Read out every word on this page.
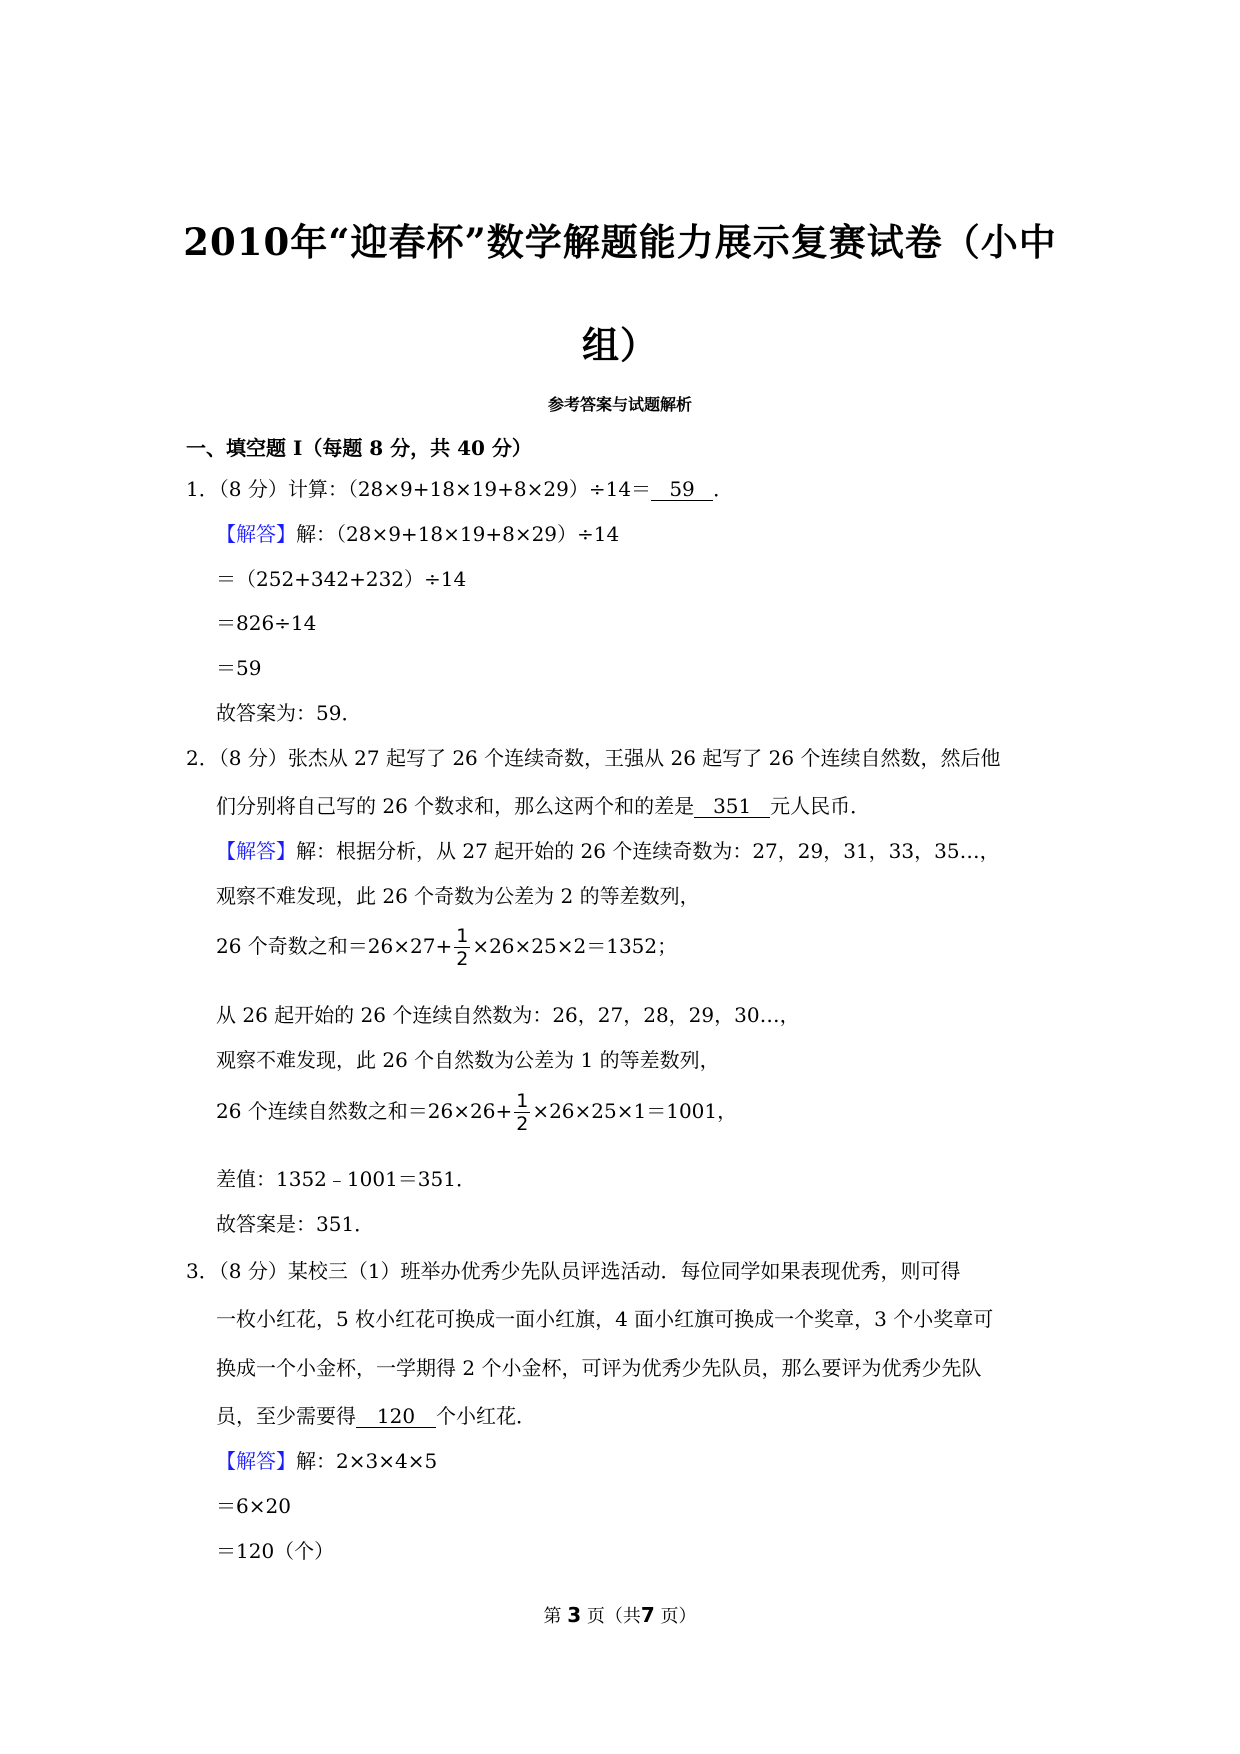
2010年“迎春杯”数学解题能力展示复赛试卷（小中
组）
参考答案与试题解析
一、填空题 I（每题 8 分，共 40 分）
1．（8 分）计算：（28×9+18×19+8×29）÷14＝ 59 ．
【解答】解：（28×9+18×19+8×29）÷14
＝（252+342+232）÷14
＝826÷14
＝59
故答案为：59．
2．（8 分）张杰从 27 起写了 26 个连续奇数，王强从 26 起写了 26 个连续自然数，然后他
们分别将自己写的 26 个数求和，那么这两个和的差是 351 元人民币．
【解答】解：根据分析，从 27 起开始的 26 个连续奇数为：27，29，31，33，35…，
观察不难发现，此 26 个奇数为公差为 2 的等差数列，
26 个奇数之和$=26\times 27+ \frac{1}{2} \times 26\times 25\times 2=1352$；
从 26 起开始的 26 个连续自然数为：26，27，28，29，30…，
观察不难发现，此 26 个自然数为公差为 1 的等差数列，
26 个连续自然数之和$=26\times 26+ \frac{1}{2} \times 26\times 25\times 1=1001$，
差值：1352﹣1001＝351．
故答案是：351．
3．（8 分）某校三（1）班举办优秀少先队员评选活动．每位同学如果表现优秀，则可得
一枚小红花，5 枚小红花可换成一面小红旗，4 面小红旗可换成一个奖章，3 个小奖章可
换成一个小金杯，一学期得 2 个小金杯，可评为优秀少先队员，那么要评为优秀少先队
员，至少需要得 120 个小红花．
【解答】解：2×3×4×5
＝6×20
＝120（个）
第 3 页（共7 页）
